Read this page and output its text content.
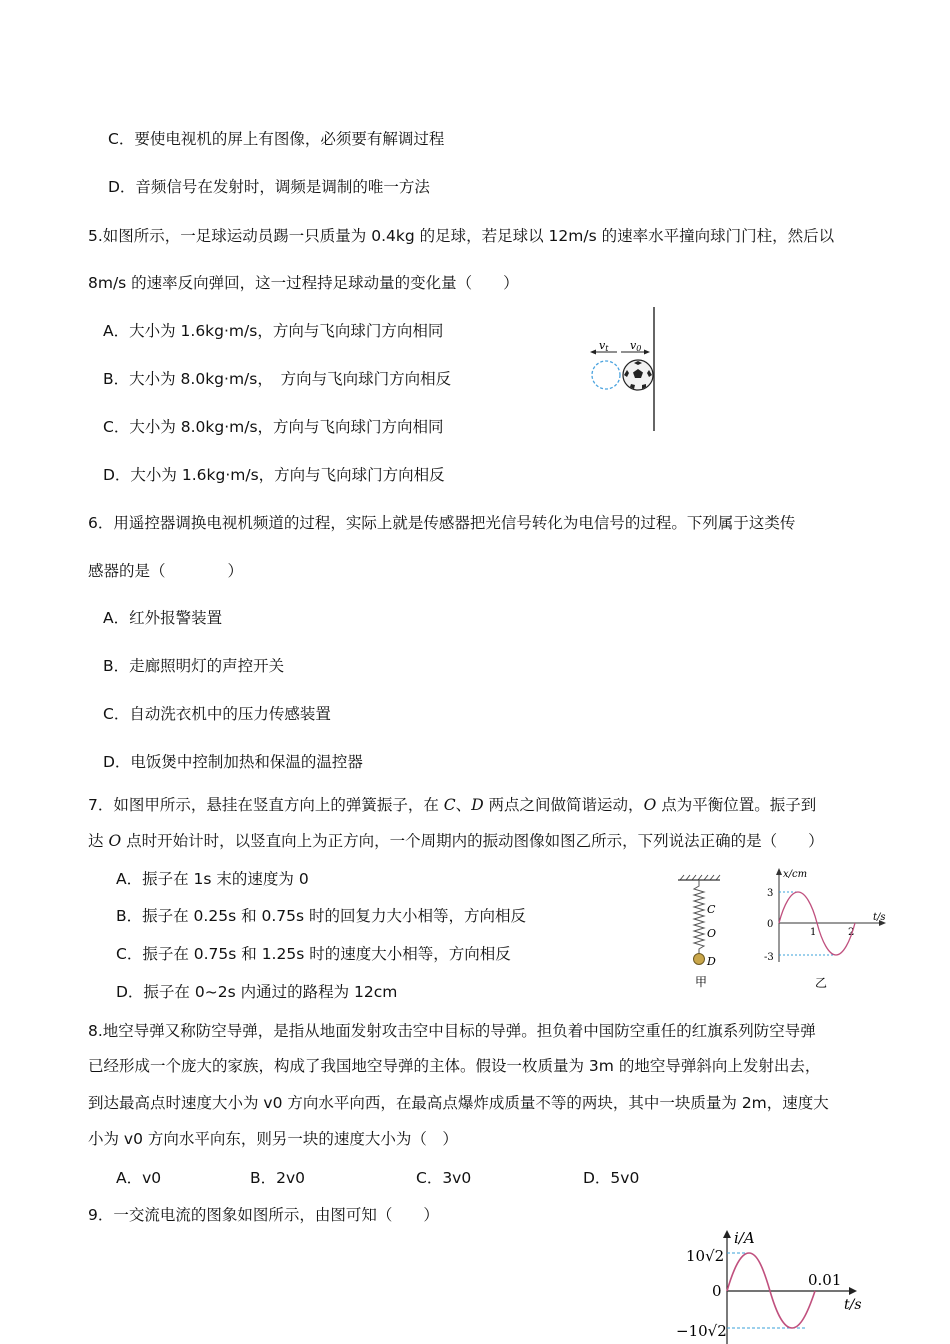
C．要使电视机的屏上有图像，必须要有解调过程
D．音频信号在发射时，调频是调制的唯一方法
5.如图所示，一足球运动员踢一只质量为 0.4kg 的足球，若足球以 12m/s 的速率水平撞向球门门柱，然后以
8m/s 的速率反向弹回，这一过程持足球动量的变化量（　　）
A．大小为 1.6kg·m/s，方向与飞向球门方向相同
B．大小为 8.0kg·m/s，　方向与飞向球门方向相反
C．大小为 8.0kg·m/s，方向与飞向球门方向相同
D．大小为 1.6kg·m/s，方向与飞向球门方向相反
vt v0
6．用遥控器调换电视机频道的过程，实际上就是传感器把光信号转化为电信号的过程。下列属于这类传
感器的是（　　　　）
A．红外报警装置
B．走廊照明灯的声控开关
C．自动洗衣机中的压力传感装置
D．电饭煲中控制加热和保温的温控器
7．如图甲所示，悬挂在竖直方向上的弹簧振子，在 C、D 两点之间做简谐运动，O 点为平衡位置。振子到
达 O 点时开始计时，以竖直向上为正方向，一个周期内的振动图像如图乙所示，下列说法正确的是（　　）
A．振子在 1s 末的速度为 0
B．振子在 0.25s 和 0.75s 时的回复力大小相等，方向相反
C．振子在 0.75s 和 1.25s 时的速度大小相等，方向相反
D．振子在 0~2s 内通过的路程为 12cm
C
O
D
甲
x/cm
t/s
3
0
-3
1	2
乙
8.地空导弹又称防空导弹，是指从地面发射攻击空中目标的导弹。担负着中国防空重任的红旗系列防空导弹
已经形成一个庞大的家族，构成了我国地空导弹的主体。假设一枚质量为 3m 的地空导弹斜向上发射出去，
到达最高点时速度大小为 v0 方向水平向西，在最高点爆炸成质量不等的两块，其中一块质量为 2m，速度大
小为 v0 方向水平向东，则另一块的速度大小为（　）
A．v0	B．2v0	C．3v0	D．5v0
9．一交流电流的图象如图所示，由图可知（　　）
i/A
t/s
10√2
0
−10√2
0.01
